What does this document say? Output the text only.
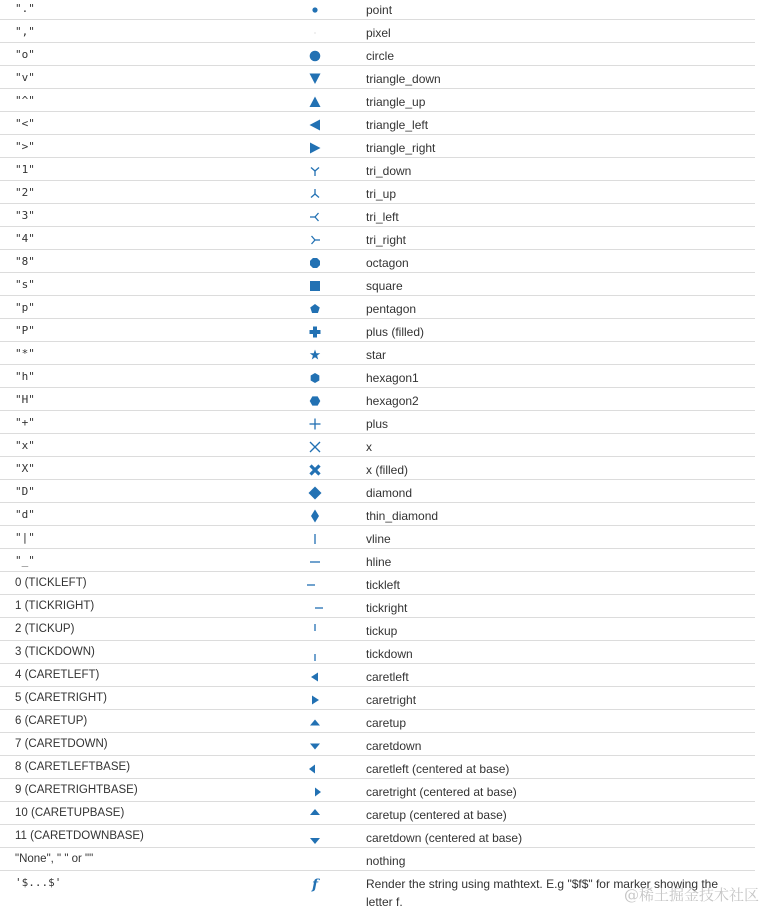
"."	point
","	pixel
"o"	circle
"v"	triangle_down
"^"	triangle_up
"<"	triangle_left
">"	triangle_right
"1"	tri_down
"2"	tri_up
"3"	tri_left
"4"	tri_right
"8"	octagon
"s"	square
"p"	pentagon
"P"	plus (filled)
"*"	star
"h"	hexagon1
"H"	hexagon2
"+"	plus
"x"	x
"X"	x (filled)
"D"	diamond
"d"	thin_diamond
"|"	vline
"_"	hline
0 (TICKLEFT)	tickleft
1 (TICKRIGHT)	tickright
2 (TICKUP)	tickup
3 (TICKDOWN)	tickdown
4 (CARETLEFT)	caretleft
5 (CARETRIGHT)	caretright
6 (CARETUP)	caretup
7 (CARETDOWN)	caretdown
8 (CARETLEFTBASE)	caretleft (centered at base)
9 (CARETRIGHTBASE)	caretright (centered at base)
10 (CARETUPBASE)	caretup (centered at base)
11 (CARETDOWNBASE)	caretdown (centered at base)
"None", " " or ""	nothing
'$...$'	f	Render the string using mathtext. E.g "$f$" for marker showing the letter f.	@稀土掘金技术社区
